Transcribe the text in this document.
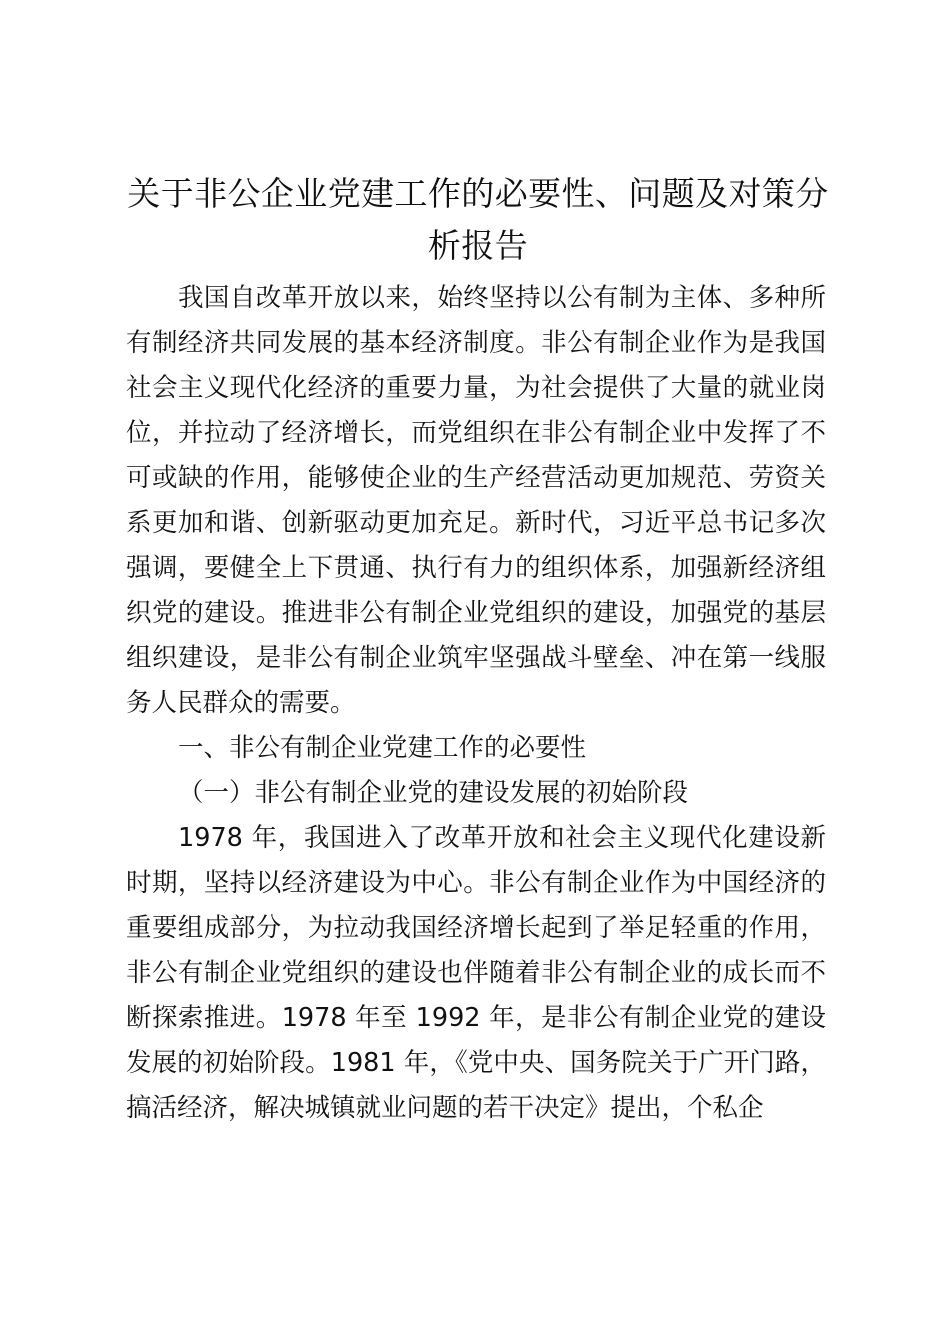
关于非公企业党建工作的必要性、问题及对策分析报告

我国自改革开放以来，始终坚持以公有制为主体、多种所有制经济共同发展的基本经济制度。非公有制企业作为是我国社会主义现代化经济的重要力量，为社会提供了大量的就业岗位，并拉动了经济增长，而党组织在非公有制企业中发挥了不可或缺的作用，能够使企业的生产经营活动更加规范、劳资关系更加和谐、创新驱动更加充足。新时代，习近平总书记多次强调，要健全上下贯通、执行有力的组织体系，加强新经济组织党的建设。推进非公有制企业党组织的建设，加强党的基层组织建设，是非公有制企业筑牢坚强战斗壁垒、冲在第一线服务人民群众的需要。

一、非公有制企业党建工作的必要性

（一）非公有制企业党的建设发展的初始阶段

1978 年，我国进入了改革开放和社会主义现代化建设新时期，坚持以经济建设为中心。非公有制企业作为中国经济的重要组成部分，为拉动我国经济增长起到了举足轻重的作用，非公有制企业党组织的建设也伴随着非公有制企业的成长而不断探索推进。1978 年至 1992 年，是非公有制企业党的建设发展的初始阶段。1981 年，《党中央、国务院关于广开门路，搞活经济，解决城镇就业问题的若干决定》提出，个私企
